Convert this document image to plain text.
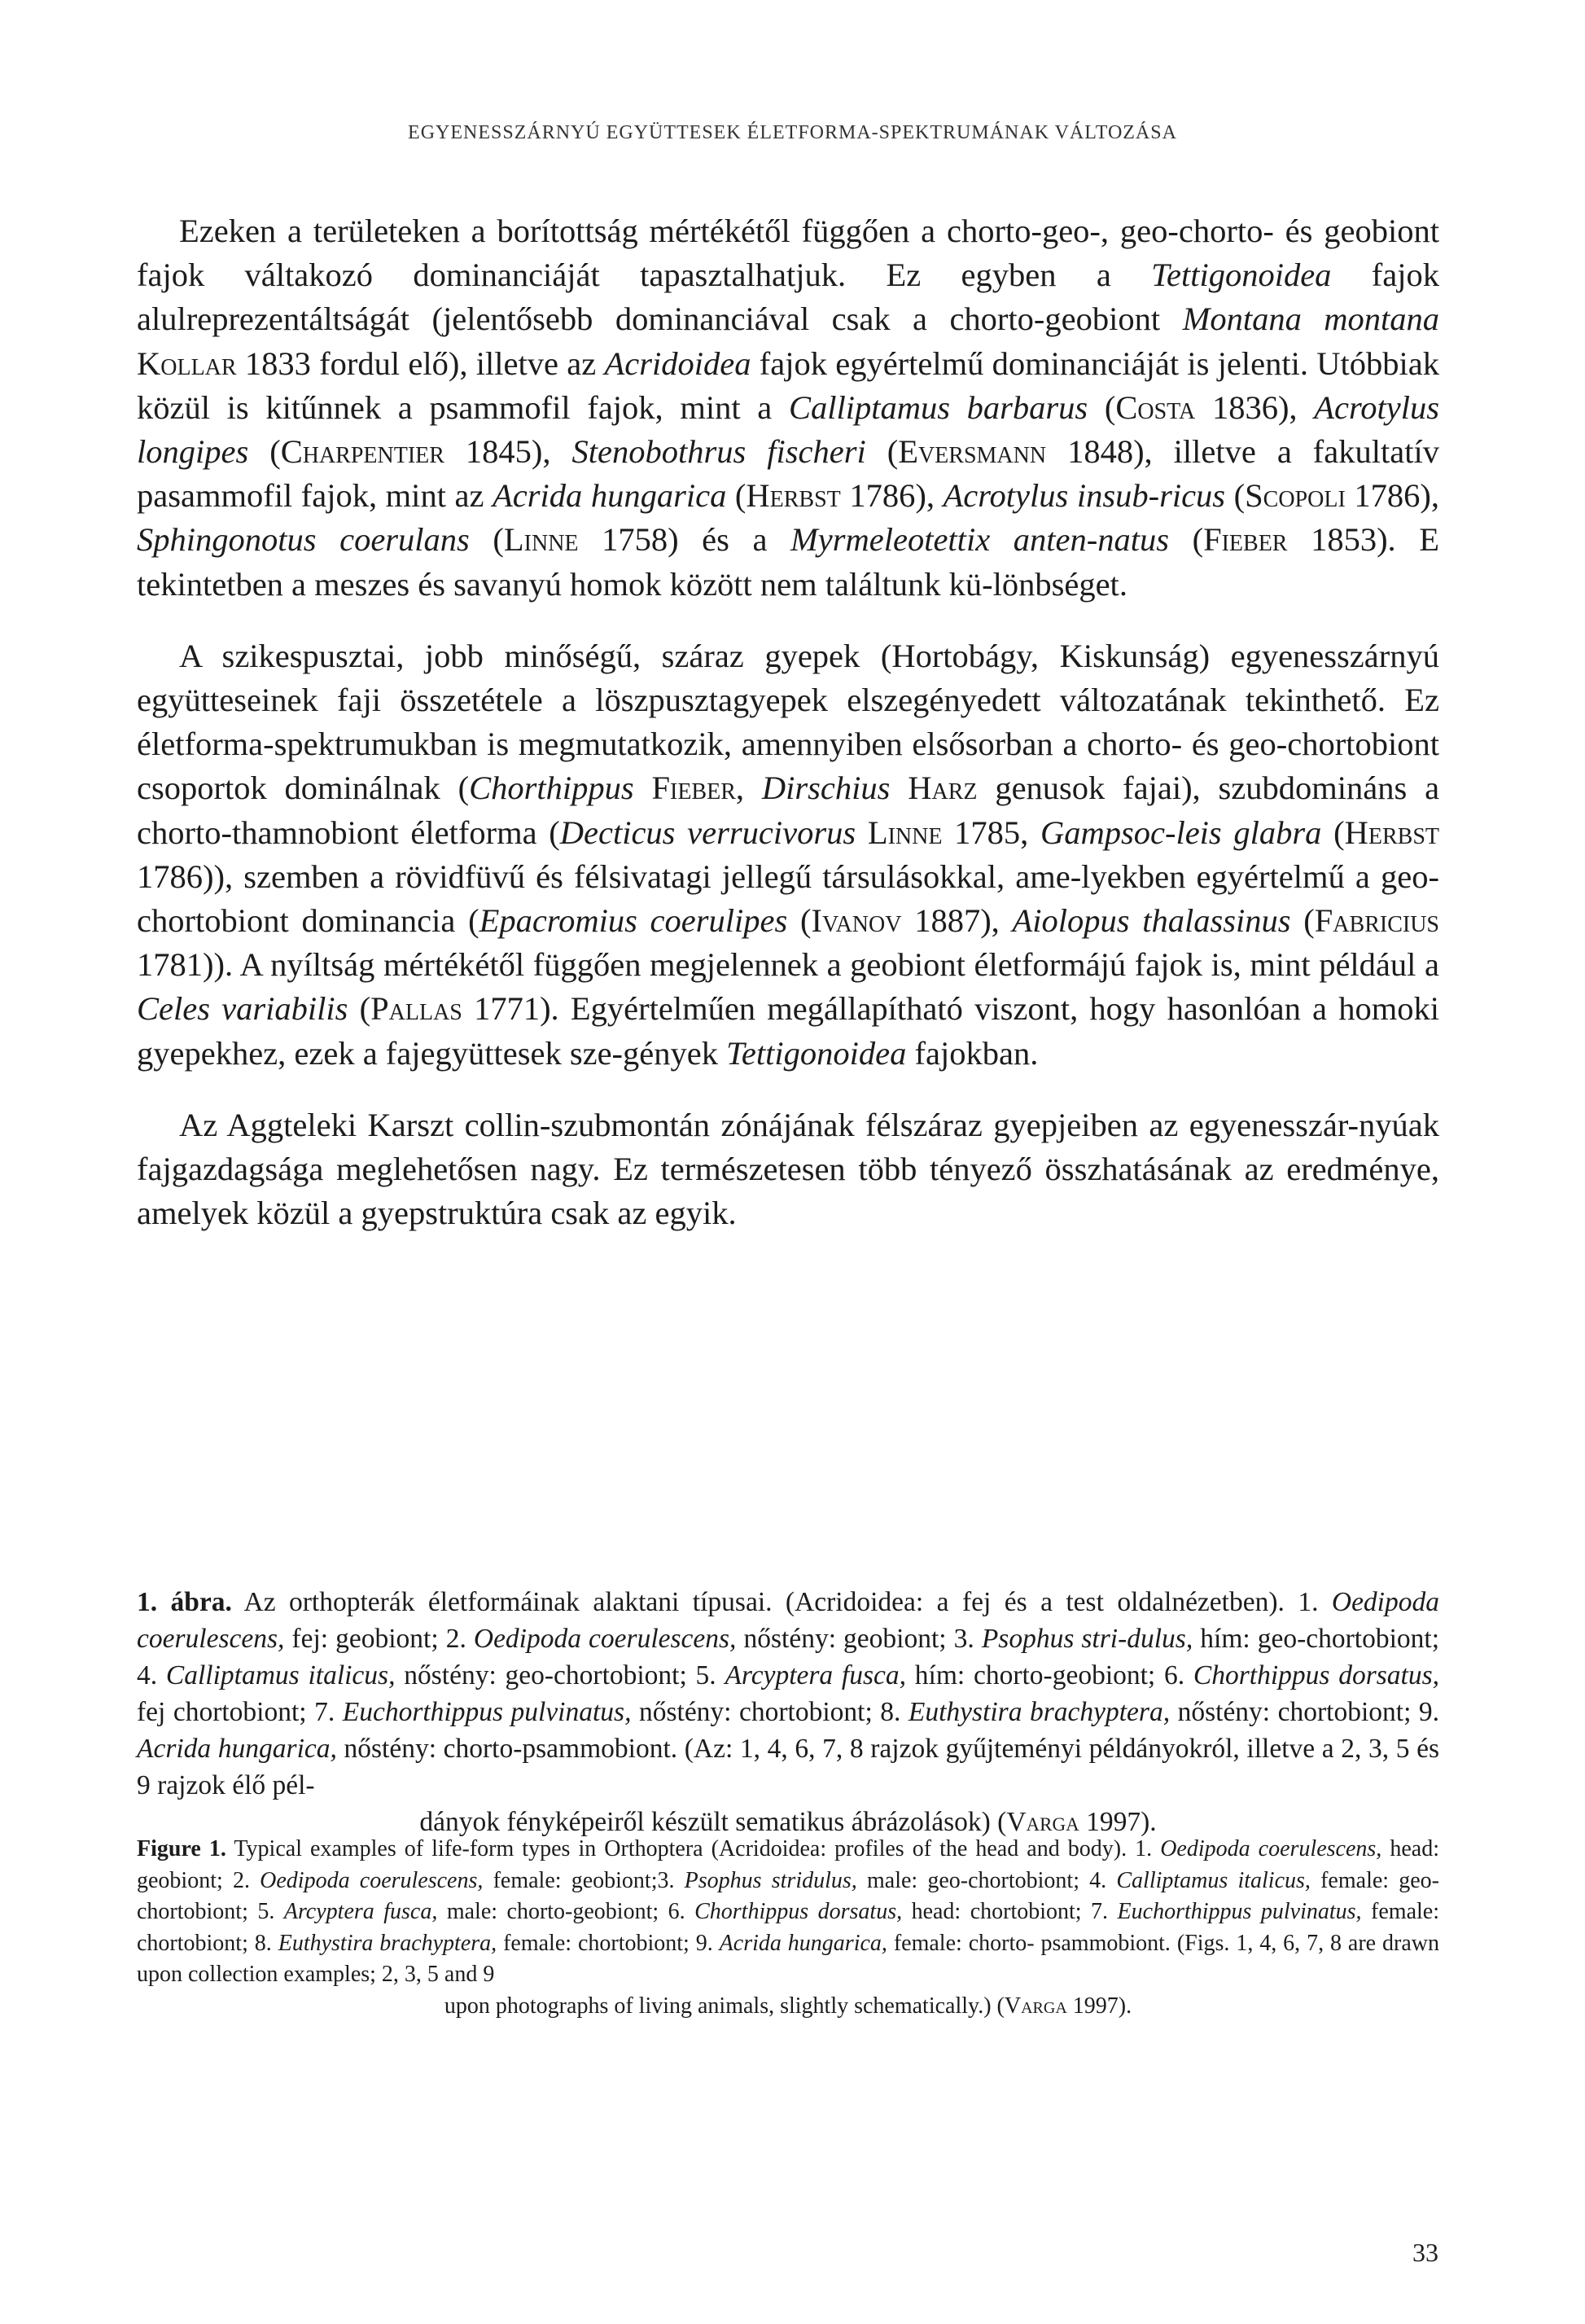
EGYENESSZÁRNYÚ EGYÜTTESEK ÉLETFORMA-SPEKTRUMÁNAK VÁLTOZÁSA

Ezeken a területeken a borítottság mértékétől függően a chorto-geo-, geo-chorto- és geobiont fajok váltakozó dominanciáját tapasztalhatjuk. Ez egyben a Tettigonoidea fajok alulreprezentáltságát (jelentősebb dominanciával csak a chorto-geobiont Montana montana Kollar 1833 fordul elő), illetve az Acridoidea fajok egyértelmű dominanciáját is jelenti. Utóbbiak közül is kitűnnek a psammofil fajok, mint a Calliptamus barbarus (Costa 1836), Acrotylus longipes (Charpentier 1845), Stenobothrus fischeri (Eversmann 1848), illetve a fakultatív pasammofil fajok, mint az Acrida hungarica (Herbst 1786), Acrotylus insub-ricus (Scopoli 1786), Sphingonotus coerulans (Linne 1758) és a Myrmeleotettix anten-natus (Fieber 1853). E tekintetben a meszes és savanyú homok között nem találtunk kü-lönbséget.

A szikespusztai, jobb minőségű, száraz gyepek (Hortobágy, Kiskunság) egyenesszárnyú együtteseinek faji összetétele a löszpusztagyepek elszegényedett változatának tekinthető. Ez életforma-spektrumukban is megmutatkozik, amennyiben elsősorban a chorto- és geo-chortobiont csoportok dominálnak (Chorthippus Fieber, Dirschius Harz genusok fajai), szubdomináns a chorto-thamnobiont életforma (Decticus verrucivorus Linne 1785, Gampsoc-leis glabra (Herbst 1786)), szemben a rövidfüvű és félsivatagi jellegű társulásokkal, ame-lyekben egyértelmű a geo-chortobiont dominancia (Epacromius coerulipes (Ivanov 1887), Aiolopus thalassinus (Fabricius 1781)). A nyíltság mértékétől függően megjelennek a geobiont életformájú fajok is, mint például a Celes variabilis (Pallas 1771). Egyértelműen megállapítható viszont, hogy hasonlóan a homoki gyepekhez, ezek a fajegyüttesek sze-gények Tettigonoidea fajokban.

Az Aggteleki Karszt collin-szubmontán zónájának félszáraz gyepjeiben az egyenesszár-nyúak fajgazdagsága meglehetősen nagy. Ez természetesen több tényező összhatásának az eredménye, amelyek közül a gyepstruktúra csak az egyik.

1. ábra. Az orthopterák életformáinak alaktani típusai. (Acridoidea: a fej és a test oldalnézetben). 1. Oedipoda coerulescens, fej: geobiont; 2. Oedipoda coerulescens, nőstény: geobiont; 3. Psophus stri-dulus, hím: geo-chortobiont; 4. Calliptamus italicus, nőstény: geo-chortobiont; 5. Arcyptera fusca, hím: chorto-geobiont; 6. Chorthippus dorsatus, fej chortobiont; 7. Euchorthippus pulvinatus, nőstény: chortobiont; 8. Euthystira brachyptera, nőstény: chortobiont; 9. Acrida hungarica, nőstény: chorto-psammobiont. (Az: 1, 4, 6, 7, 8 rajzok gyűjteményi példányokról, illetve a 2, 3, 5 és 9 rajzok élő pél-
dányok fényképeiről készült sematikus ábrázolások) (Varga 1997).
Figure 1. Typical examples of life-form types in Orthoptera (Acridoidea: profiles of the head and body). 1. Oedipoda coerulescens, head: geobiont; 2. Oedipoda coerulescens, female: geobiont;3. Psophus stridulus, male: geo-chortobiont; 4. Calliptamus italicus, female: geo-chortobiont; 5. Arcyptera fusca, male: chorto-geobiont; 6. Chorthippus dorsatus, head: chortobiont; 7. Euchorthippus pulvinatus, female: chortobiont; 8. Euthystira brachyptera, female: chortobiont; 9. Acrida hungarica, female: chorto- psammobiont. (Figs. 1, 4, 6, 7, 8 are drawn upon collection examples; 2, 3, 5 and 9
upon photographs of living animals, slightly schematically.) (Varga 1997).
33
